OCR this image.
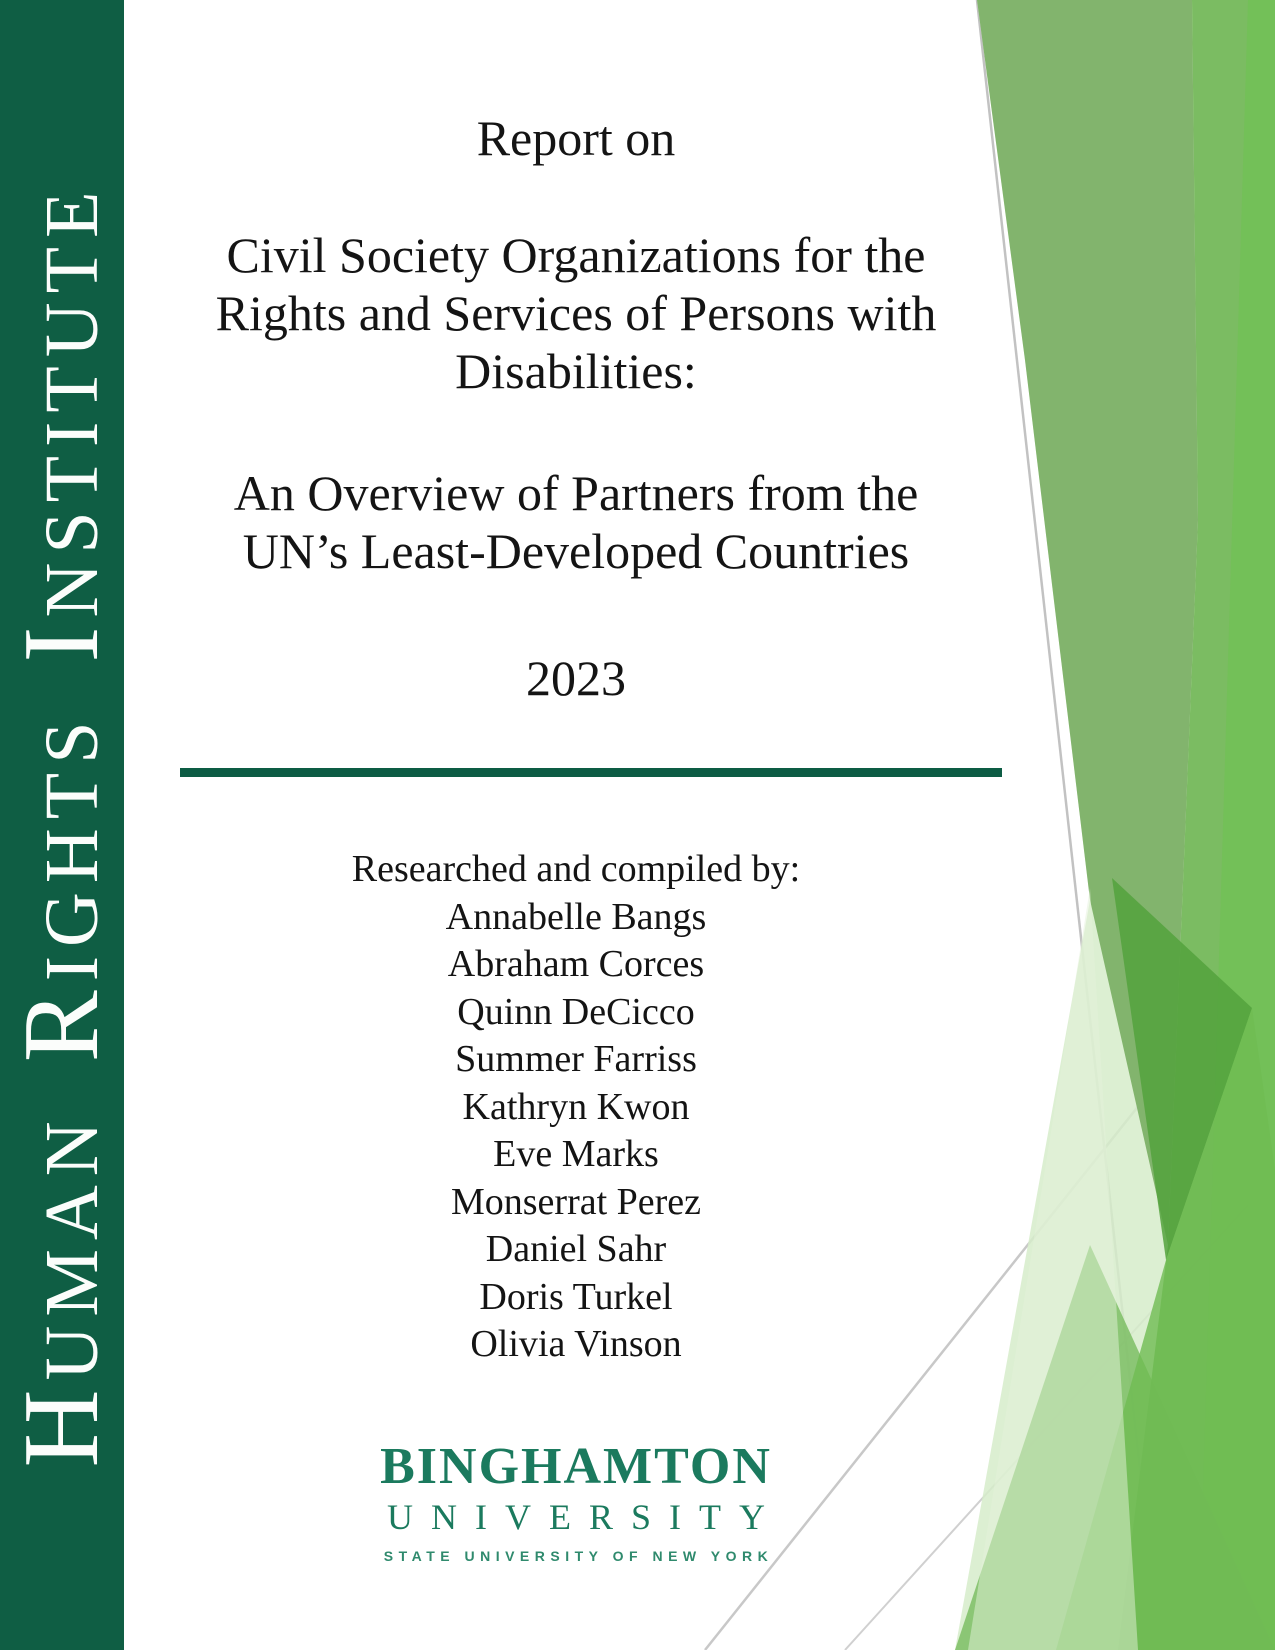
Human Rights Institute
Report on
Civil Society Organizations for the
Rights and Services of Persons with
Disabilities:
An Overview of Partners from the
UN’s Least-Developed Countries
2023
Researched and compiled by:
Annabelle Bangs
Abraham Corces
Quinn DeCicco
Summer Farriss
Kathryn Kwon
Eve Marks
Monserrat Perez
Daniel Sahr
Doris Turkel
Olivia Vinson
BINGHAMTON
UNIVERSITY
STATE UNIVERSITY OF NEW YORK
